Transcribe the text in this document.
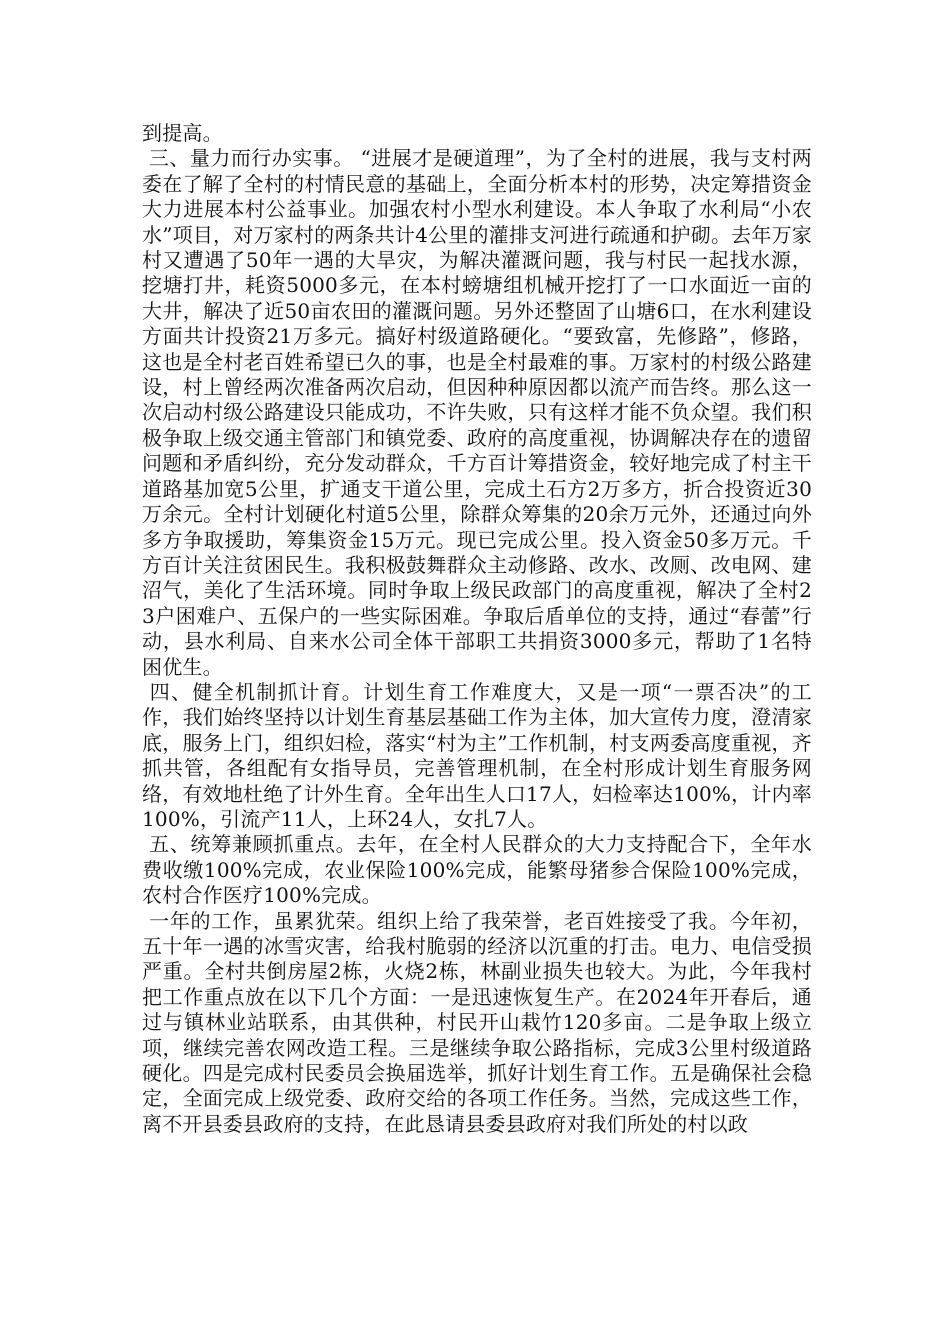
到提高。

三、量力而行办实事。 “进展才是硬道理”，为了全村的进展，我与支村两委在了解了全村的村情民意的基础上，全面分析本村的形势，决定筹措资金大力进展本村公益事业。加强农村小型水利建设。本人争取了水利局“小农水”项目，对万家村的两条共计4公里的灌排支河进行疏通和护砌。去年万家村又遭遇了50年一遇的大旱灾，为解决灌溉问题，我与村民一起找水源，挖塘打井，耗资5000多元，在本村螃塘组机械开挖打了一口水面近一亩的大井，解决了近50亩农田的灌溉问题。另外还整固了山塘6口，在水利建设方面共计投资21万多元。搞好村级道路硬化。“要致富，先修路”，修路，这也是全村老百姓希望已久的事，也是全村最难的事。万家村的村级公路建设，村上曾经两次准备两次启动，但因种种原因都以流产而告终。那么这一次启动村级公路建设只能成功，不许失败，只有这样才能不负众望。我们积极争取上级交通主管部门和镇党委、政府的高度重视，协调解决存在的遗留问题和矛盾纠纷，充分发动群众，千方百计筹措资金，较好地完成了村主干道路基加宽5公里，扩通支干道公里，完成土石方2万多方，折合投资近30万余元。全村计划硬化村道5公里，除群众筹集的20余万元外，还通过向外多方争取援助，筹集资金15万元。现已完成公里。投入资金50多万元。千方百计关注贫困民生。我积极鼓舞群众主动修路、改水、改厕、改电网、建沼气，美化了生活环境。同时争取上级民政部门的高度重视，解决了全村23户困难户、五保户的一些实际困难。争取后盾单位的支持，通过“春蕾”行动，县水利局、自来水公司全体干部职工共捐资3000多元，帮助了1名特困优生。

四、健全机制抓计育。计划生育工作难度大，又是一项“一票否决”的工作，我们始终坚持以计划生育基层基础工作为主体，加大宣传力度，澄清家底，服务上门，组织妇检，落实“村为主”工作机制，村支两委高度重视，齐抓共管，各组配有女指导员，完善管理机制，在全村形成计划生育服务网络，有效地杜绝了计外生育。全年出生人口17人，妇检率达100%，计内率100%，引流产11人，上环24人，女扎7人。

五、统筹兼顾抓重点。去年，在全村人民群众的大力支持配合下，全年水费收缴100%完成，农业保险100%完成，能繁母猪参合保险100%完成，农村合作医疗100%完成。

一年的工作，虽累犹荣。组织上给了我荣誉，老百姓接受了我。今年初，五十年一遇的冰雪灾害，给我村脆弱的经济以沉重的打击。电力、电信受损严重。全村共倒房屋2栋，火烧2栋，林副业损失也较大。为此，今年我村把工作重点放在以下几个方面：一是迅速恢复生产。在2024年开春后，通过与镇林业站联系，由其供种，村民开山栽竹120多亩。二是争取上级立项，继续完善农网改造工程。三是继续争取公路指标，完成3公里村级道路硬化。四是完成村民委员会换届选举，抓好计划生育工作。五是确保社会稳定，全面完成上级党委、政府交给的各项工作任务。当然，完成这些工作，离不开县委县政府的支持，在此恳请县委县政府对我们所处的村以政
